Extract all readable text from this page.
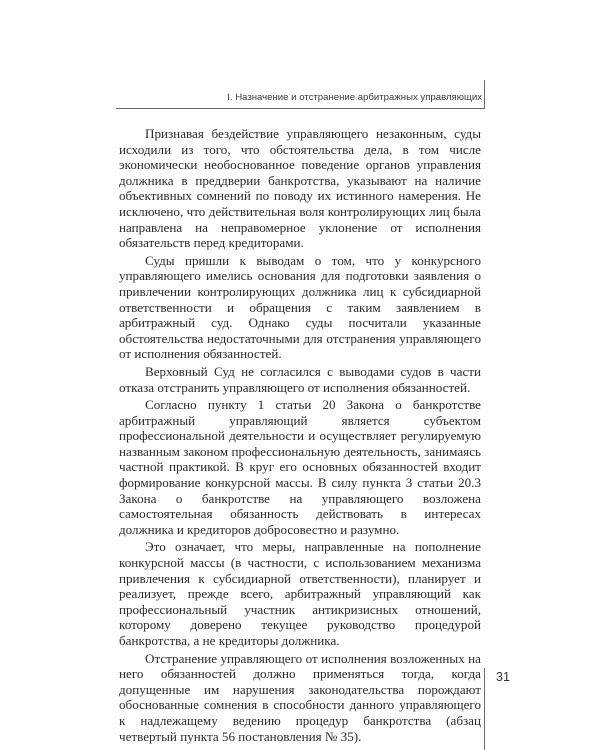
I. Назначение и отстранение арбитражных управляющих

Признавая бездействие управляющего незаконным, суды исходили из того, что обстоятельства дела, в том числе экономически необоснованное поведение органов управления должника в преддверии банкротства, указывают на наличие объективных сомнений по поводу их истинного намерения. Не исключено, что действительная воля контролирующих лиц была направлена на неправомерное уклонение от исполнения обязательств перед кредиторами.

Суды пришли к выводам о том, что у конкурсного управляющего имелись основания для подготовки заявления о привлечении контролирующих должника лиц к субсидиарной ответственности и обращения с таким заявлением в арбитражный суд. Однако суды посчитали указанные обстоятельства недостаточными для отстранения управляющего от исполнения обязанностей.

Верховный Суд не согласился с выводами судов в части отказа отстранить управляющего от исполнения обязанностей.

Согласно пункту 1 статьи 20 Закона о банкротстве арбитражный управляющий является субъектом профессиональной деятельности и осуществляет регулируемую названным законом профессиональную деятельность, занимаясь частной практикой. В круг его основных обязанностей входит формирование конкурсной массы. В силу пункта 3 статьи 20.3 Закона о банкротстве на управляющего возложена самостоятельная обязанность действовать в интересах должника и кредиторов добросовестно и разумно.

Это означает, что меры, направленные на пополнение конкурсной массы (в частности, с использованием механизма привлечения к субсидиарной ответственности), планирует и реализует, прежде всего, арбитражный управляющий как профессиональный участник антикризисных отношений, которому доверено текущее руководство процедурой банкротства, а не кредиторы должника.

Отстранение управляющего от исполнения возложенных на него обязанностей должно применяться тогда, когда допущенные им нарушения законодательства порождают обоснованные сомнения в способности данного управляющего к надлежащему ведению процедур банкротства (абзац четвертый пункта 56 постановления № 35).

31
